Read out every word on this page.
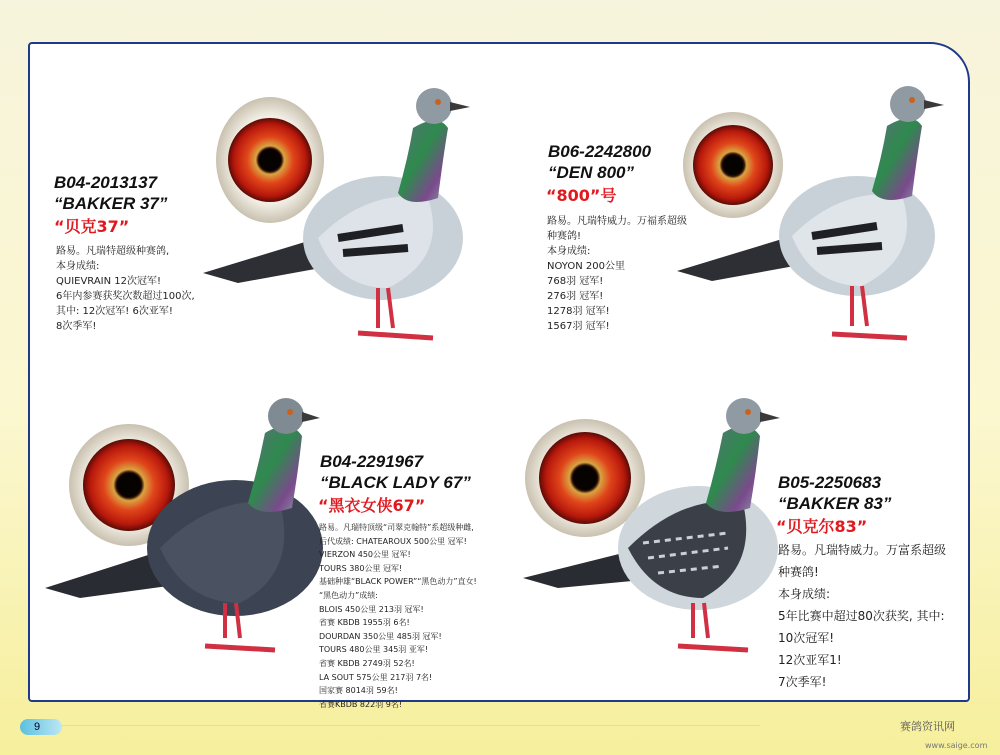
B04-2013137
“BAKKER 37”
“贝克37”
路易。凡瑞特超级种赛鸽,
本身成绩:
QUIEVRAIN 12次冠军!
6年内参赛获奖次数超过100次,
其中: 12次冠军! 6次亚军!
8次季军!
B06-2242800
“DEN 800”
“800”号
路易。凡瑞特威力。万福系超级
种赛鸽!
本身成绩:
NOYON 200公里
768羽 冠军!
276羽 冠军!
1278羽 冠军!
1567羽 冠军!
B04-2291967
“BLACK LADY 67”
“黑衣女侠67”
路易。凡瑞特顶级“司翠克翰特”系超级种雌,
后代成绩: CHATEAROUX 500公里 冠军!
VIERZON 450公里 冠军!
TOURS 380公里 冠军!
基础种雄“BLACK POWER”“黑色动力”直女!
“黑色动力”成绩:
BLOIS 450公里 213羽 冠军!
省赛 KBDB 1955羽 6名!
DOURDAN 350公里 485羽 冠军!
TOURS 480公里 345羽 亚军!
省赛 KBDB 2749羽 52名!
LA SOUT 575公里 217羽 7名!
国家赛 8014羽 59名!
省赛KBDB 822羽 9名!
B05-2250683
“BAKKER 83”
“贝克尔83”
路易。凡瑞特威力。万富系超级
种赛鸽!
本身成绩:
5年比赛中超过80次获奖, 其中:
10次冠军!
12次亚军1!
7次季军!
9	赛鸽资讯网
www.saige.com
